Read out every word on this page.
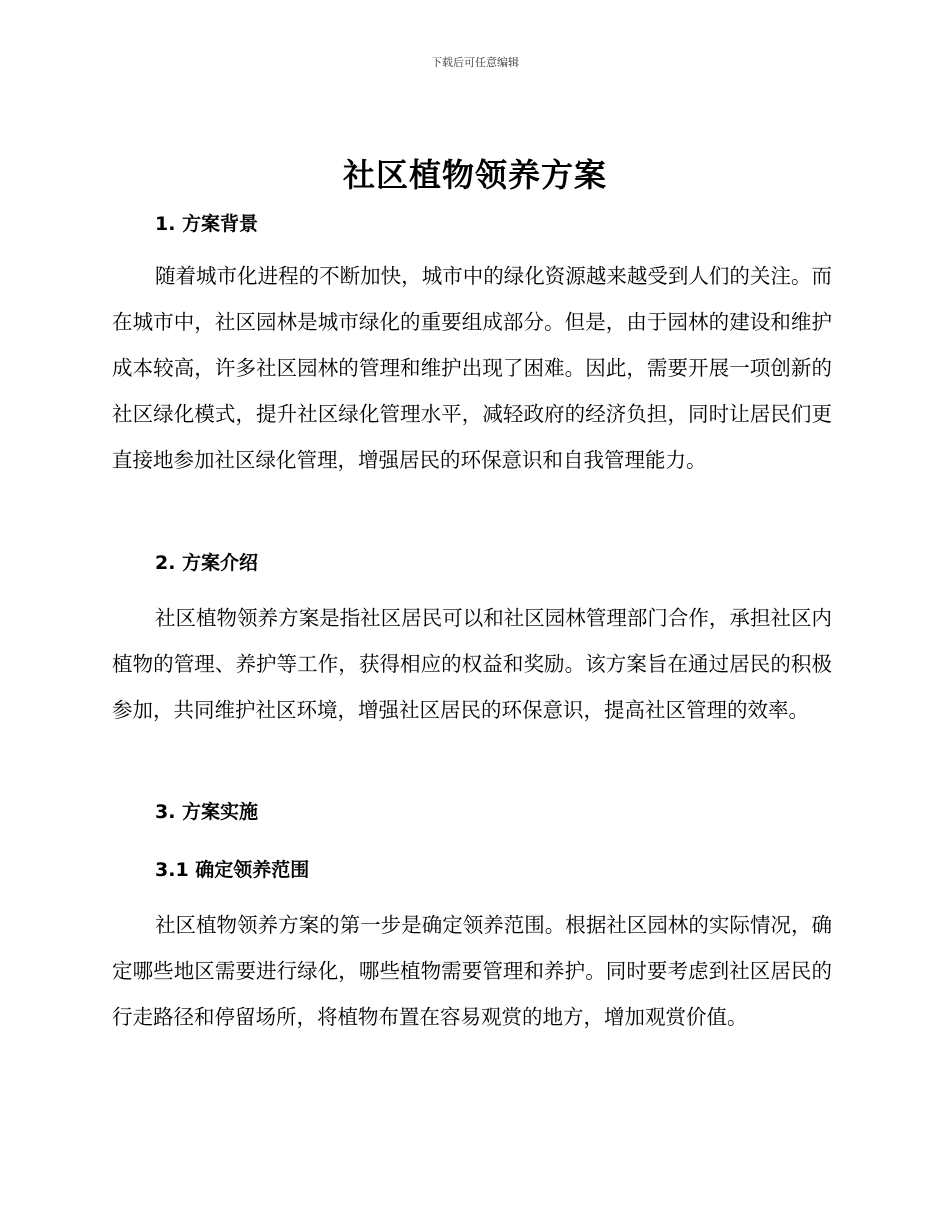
下载后可任意编辑
社区植物领养方案
1. 方案背景

随着城市化进程的不断加快，城市中的绿化资源越来越受到人们的关注。而在城市中，社区园林是城市绿化的重要组成部分。但是，由于园林的建设和维护成本较高，许多社区园林的管理和维护出现了困难。因此，需要开展一项创新的社区绿化模式，提升社区绿化管理水平，减轻政府的经济负担，同时让居民们更直接地参加社区绿化管理，增强居民的环保意识和自我管理能力。

2. 方案介绍

社区植物领养方案是指社区居民可以和社区园林管理部门合作，承担社区内植物的管理、养护等工作，获得相应的权益和奖励。该方案旨在通过居民的积极参加，共同维护社区环境，增强社区居民的环保意识，提高社区管理的效率。

3. 方案实施
3.1 确定领养范围

社区植物领养方案的第一步是确定领养范围。根据社区园林的实际情况，确定哪些地区需要进行绿化，哪些植物需要管理和养护。同时要考虑到社区居民的行走路径和停留场所，将植物布置在容易观赏的地方，增加观赏价值。
